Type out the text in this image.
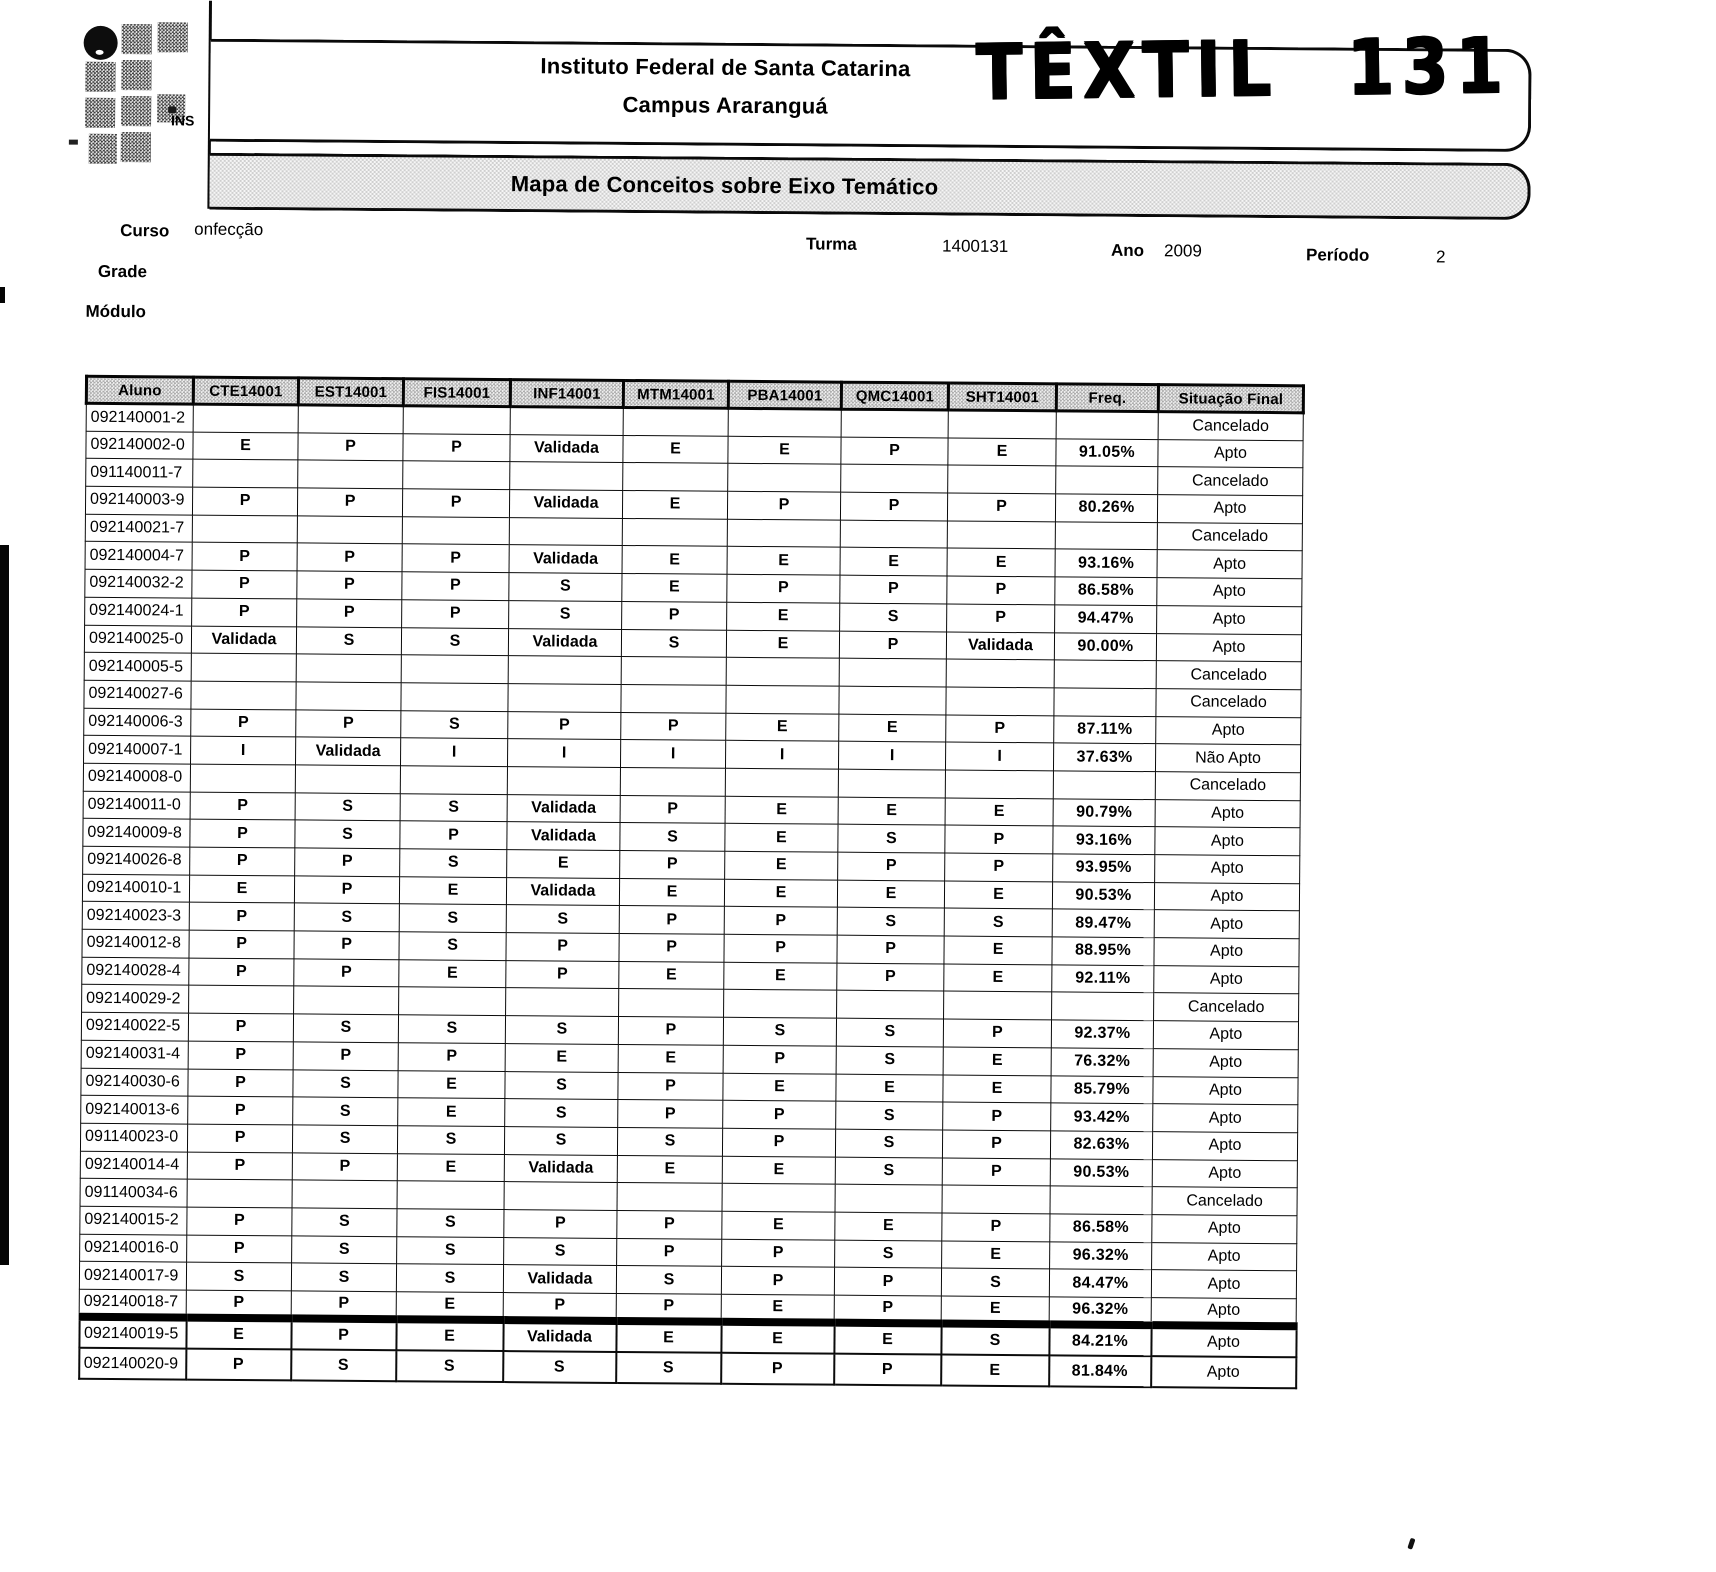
INS
Instituto Federal de Santa Catarina
Campus Araranguá	TÊXTIL 131
Mapa de Conceitos sobre Eixo Temático
Curso onfecção
Turma	1400131	Ano 2009	Período	2
Grade
Módulo
Aluno	CTE14001	EST14001	FIS14001	INF14001	MTM14001	PBA14001	QMC14001	SHT14001	Freq.	Situação Final
092140001-2										Cancelado
092140002-0	E	P	P	Validada	E	E	P	E	91.05%	Apto
091140011-7										Cancelado
092140003-9	P	P	P	Validada	E	P	P	P	80.26%	Apto
092140021-7										Cancelado
092140004-7	P	P	P	Validada	E	E	E	E	93.16%	Apto
092140032-2	P	P	P	S	E	P	P	P	86.58%	Apto
092140024-1	P	P	P	S	P	E	S	P	94.47%	Apto
092140025-0	Validada	S	S	Validada	S	E	P	Validada	90.00%	Apto
092140005-5										Cancelado
092140027-6										Cancelado
092140006-3	P	P	S	P	P	E	E	P	87.11%	Apto
092140007-1	I	Validada	I	I	I	I	I	I	37.63%	Não Apto
092140008-0										Cancelado
092140011-0	P	S	S	Validada	P	E	E	E	90.79%	Apto
092140009-8	P	S	P	Validada	S	E	S	P	93.16%	Apto
092140026-8	P	P	S	E	P	E	P	P	93.95%	Apto
092140010-1	E	P	E	Validada	E	E	E	E	90.53%	Apto
092140023-3	P	S	S	S	P	P	S	S	89.47%	Apto
092140012-8	P	P	S	P	P	P	P	E	88.95%	Apto
092140028-4	P	P	E	P	E	E	P	E	92.11%	Apto
092140029-2										Cancelado
092140022-5	P	S	S	S	P	S	S	P	92.37%	Apto
092140031-4	P	P	P	E	E	P	S	E	76.32%	Apto
092140030-6	P	S	E	S	P	E	E	E	85.79%	Apto
092140013-6	P	S	E	S	P	P	S	P	93.42%	Apto
091140023-0	P	S	S	S	S	P	S	P	82.63%	Apto
092140014-4	P	P	E	Validada	E	E	S	P	90.53%	Apto
091140034-6										Cancelado
092140015-2	P	S	S	P	P	E	E	P	86.58%	Apto
092140016-0	P	S	S	S	P	P	S	E	96.32%	Apto
092140017-9	S	S	S	Validada	S	P	P	S	84.47%	Apto
092140018-7	P	P	E	P	P	E	P	E	96.32%	Apto
092140019-5	E	P	E	Validada	E	E	E	S	84.21%	Apto
092140020-9	P	S	S	S	S	P	P	E	81.84%	Apto
